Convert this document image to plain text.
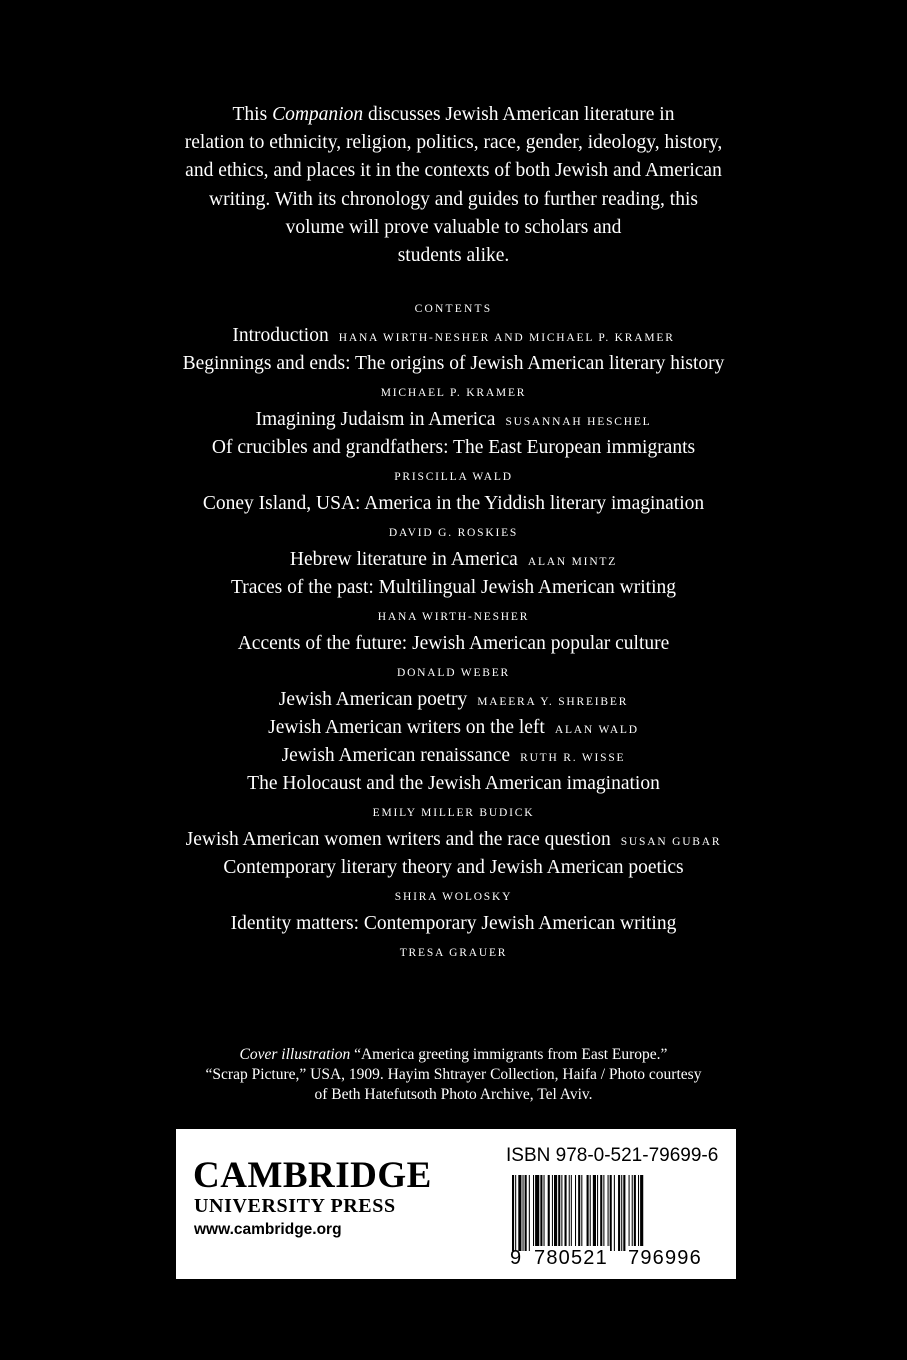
This Companion discusses Jewish American literature in
relation to ethnicity, religion, politics, race, gender, ideology, history,
and ethics, and places it in the contexts of both Jewish and American
writing. With its chronology and guides to further reading, this
volume will prove valuable to scholars and
students alike.
CONTENTS
Introduction HANA WIRTH-NESHER AND MICHAEL P. KRAMER
Beginnings and ends: The origins of Jewish American literary history
MICHAEL P. KRAMER
Imagining Judaism in America SUSANNAH HESCHEL
Of crucibles and grandfathers: The East European immigrants
PRISCILLA WALD
Coney Island, USA: America in the Yiddish literary imagination
DAVID G. ROSKIES
Hebrew literature in America ALAN MINTZ
Traces of the past: Multilingual Jewish American writing
HANA WIRTH-NESHER
Accents of the future: Jewish American popular culture
DONALD WEBER
Jewish American poetry MAEERA Y. SHREIBER
Jewish American writers on the left ALAN WALD
Jewish American renaissance RUTH R. WISSE
The Holocaust and the Jewish American imagination
EMILY MILLER BUDICK
Jewish American women writers and the race question SUSAN GUBAR
Contemporary literary theory and Jewish American poetics
SHIRA WOLOSKY
Identity matters: Contemporary Jewish American writing
TRESA GRAUER
Cover illustration “America greeting immigrants from East Europe.”
“Scrap Picture,” USA, 1909. Hayim Shtrayer Collection, Haifa / Photo courtesy
of Beth Hatefutsoth Photo Archive, Tel Aviv.
CAMBRIDGE
UNIVERSITY PRESS
www.cambridge.org
ISBN 978-0-521-79699-6
9 780521 796996
